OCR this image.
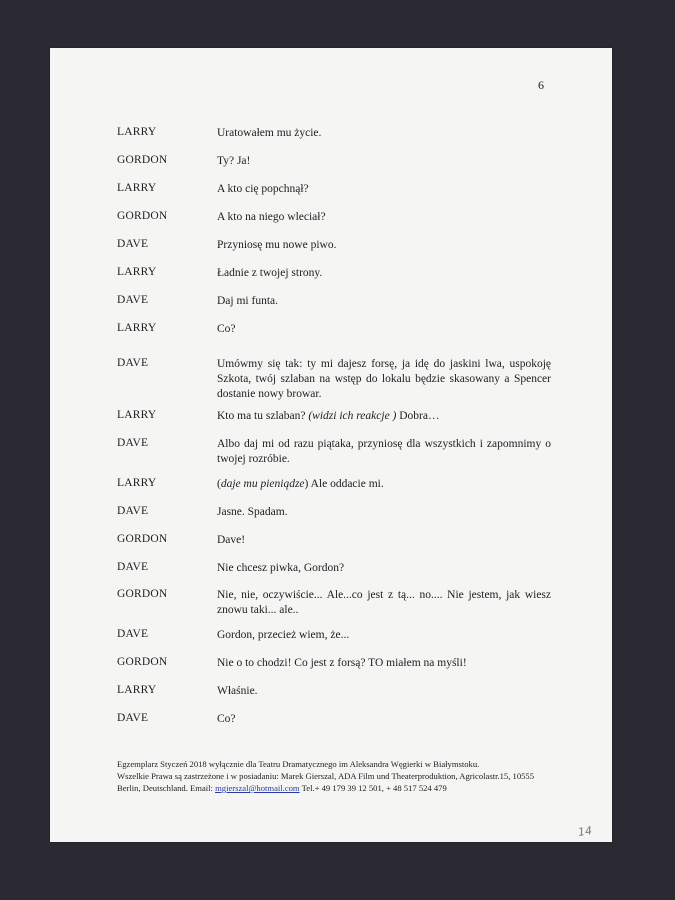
6
LARRY	Uratowałem mu życie.
GORDON	Ty? Ja!
LARRY	A kto cię popchnął?
GORDON	A kto na niego wleciał?
DAVE	Przyniosę mu nowe piwo.
LARRY	Ładnie z twojej strony.
DAVE	Daj mi funta.
LARRY	Co?
DAVE	Umówmy się tak: ty mi dajesz forsę, ja idę do jaskini lwa, uspokoję Szkota, twój szlaban na wstęp do lokalu będzie skasowany a Spencer dostanie nowy browar.
LARRY	Kto ma tu szlaban? (widzi ich reakcje ) Dobra…
DAVE	Albo daj mi od razu piątaka, przyniosę dla wszystkich i zapomnimy o twojej rozróbie.
LARRY	(daje mu pieniądze) Ale oddacie mi.
DAVE	Jasne. Spadam.
GORDON	Dave!
DAVE	Nie chcesz piwka, Gordon?
GORDON	Nie, nie, oczywiście... Ale...co jest z tą... no.... Nie jestem, jak wiesz znowu taki... ale..
DAVE	Gordon, przecież wiem, że...
GORDON	Nie o to chodzi! Co jest z forsą? TO miałem na myśli!
LARRY	Właśnie.
DAVE	Co?
Egzemplarz Styczeń 2018 wyłącznie dla Teatru Dramatycznego im Aleksandra Węgierki w Białymstoku.
Wszelkie Prawa są zastrzeżone i w posiadaniu: Marek Gierszal, ADA Film und Theaterproduktion, Agricolastr.15, 10555
Berlin, Deutschland. Email: mgierszal@hotmail.com Tel.+ 49 179 39 12 501, + 48 517 524 479
14
